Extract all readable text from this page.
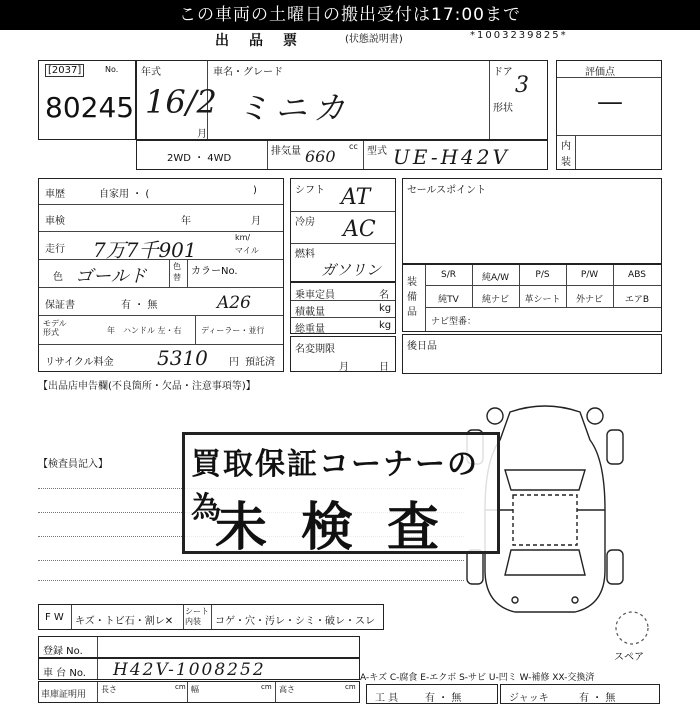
この車両の土曜日の搬出受付は17:00まで
出品票	(状態説明書)	*1003239825*
[2037]	No.
80245
年式
16/2
月
車名・グレード
ミニカ
ドア
3
形状
2WD ・ 4WD
排気量 660
cc 型式 UE-H42V
評価点
—
内装
車歴	自家用 ・ (	)
車検	年	月
走行 7万7千901
km/
マイル
色 ゴールド	色替
カラーNo.
保証書	有 ・ 無	A26
モデル
形式	年 ハンドル 左・右 ディーラー・並行
リサイクル料金 5310 円 預託済
シフト AT
冷房 AC
燃料
ガソリン
乗車定員	名
積載量	kg
総重量	kg
名変期限
月	日
セールスポイント
装備品
S/R	純A/W	P/S	P/W	ABS
純TV	純ナビ	革シート	外ナビ	エアB
ナビ型番：
後日品
【出品店申告欄(不良箇所・欠品・注意事項等)】
【検査員記入】	買取保証コーナーの為
未検査
スペア
F W キズ・トビ石・割レ✕
シート
内装	コゲ・穴・汚レ・シミ・破レ・スレ
登録 No.
車 台 No. H42V-1008252
車庫証明用
長さ	cm 幅	cm 高さ	cm
A-キズ C-腐食 E-エクボ S-サビ U-凹ミ W-補修 XX-交換済
工 具	有 ・ 無	ジャッキ	有 ・ 無
